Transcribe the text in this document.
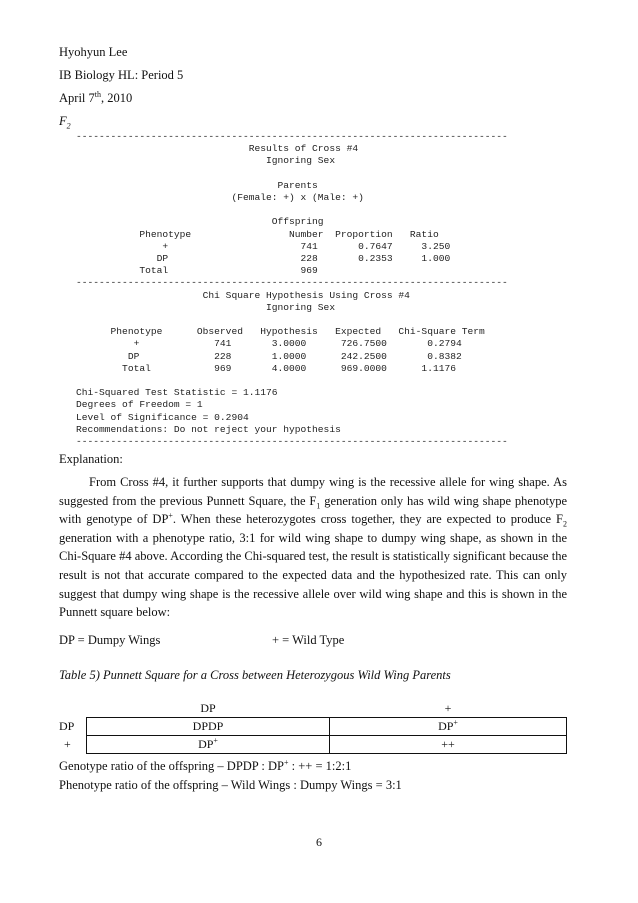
Hyohyun Lee
IB Biology HL: Period 5
April 7th, 2010
$F_2$
---------------------------------------------------------------------------
Results of Cross #4
Ignoring Sex

Parents
(Female: +) x (Male: +)

Offspring
Phenotype                 Number  Proportion   Ratio
+                       741       0.7647     3.250
DP                       228       0.2353     1.000
Total                       969
---------------------------------------------------------------------------
Chi Square Hypothesis Using Cross #4
Ignoring Sex

Phenotype      Observed   Hypothesis   Expected   Chi-Square Term
+             741       3.0000      726.7500       0.2794
DP             228       1.0000      242.2500       0.8382
Total           969       4.0000      969.0000      1.1176

Chi-Squared Test Statistic = 1.1176
Degrees of Freedom = 1
Level of Significance = 0.2904
Recommendations: Do not reject your hypothesis
---------------------------------------------------------------------------
Explanation:

From Cross #4, it further supports that dumpy wing is the recessive allele for wing shape. As suggested from the previous Punnett Square, the $F_1$ generation only has wild wing shape phenotype with genotype of DP+. When these heterozygotes cross together, they are expected to produce $F_2$ generation with a phenotype ratio, 3:1 for wild wing shape to dumpy wing shape, as shown in the Chi-Square #4 above. According the Chi-squared test, the result is statistically significant because the result is not that accurate compared to the expected data and the hypothesized rate. This can only suggest that dumpy wing shape is the recessive allele over wild wing shape and this is shown in the Punnett square below:

DP = Dumpy Wings	+ = Wild Type
Table 5) Punnett Square for a Cross between Heterozygous Wild Wing Parents
	DP	+
DP	DPDP	DP+
+	DP+	++
Genotype ratio of the offspring – DPDP : DP+ : ++ = 1:2:1
Phenotype ratio of the offspring – Wild Wings : Dumpy Wings = 3:1
6
